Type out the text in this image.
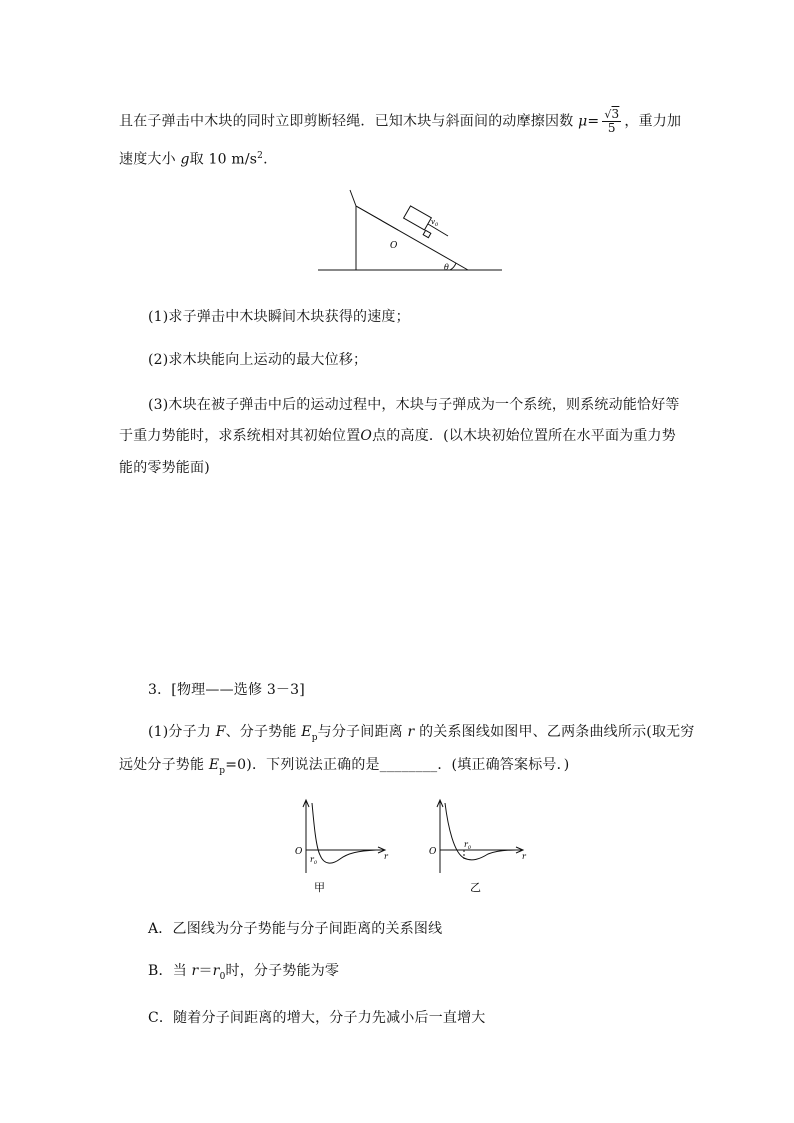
且在子弹击中木块的同时立即剪断轻绳．已知木块与斜面间的动摩擦因数 $\mu= \frac{√3}{5}$ ，重力加
速度大小 g取 10 $m/s^2$.
$v_0$
O
θ
(1)求子弹击中木块瞬间木块获得的速度；
(2)求木块能向上运动的最大位移；
(3)木块在被子弹击中后的运动过程中，木块与子弹成为一个系统，则系统动能恰好等
于重力势能时，求系统相对其初始位置O点的高度．(以木块初始位置所在水平面为重力势
能的零势能面)
3．[物理——选修 3－3]
(1)分子力 F、分子势能 $E_p$与分子间距离 r 的关系图线如图甲、乙两条曲线所示(取无穷
远处分子势能 $E_p=0$)．下列说法正确的是________．(填正确答案标号．)
O
$r_0$
r
甲
O
$r_0$
r
乙
A．乙图线为分子势能与分子间距离的关系图线
B．当 $r=r_0$时，分子势能为零
C．随着分子间距离的增大，分子力先减小后一直增大
